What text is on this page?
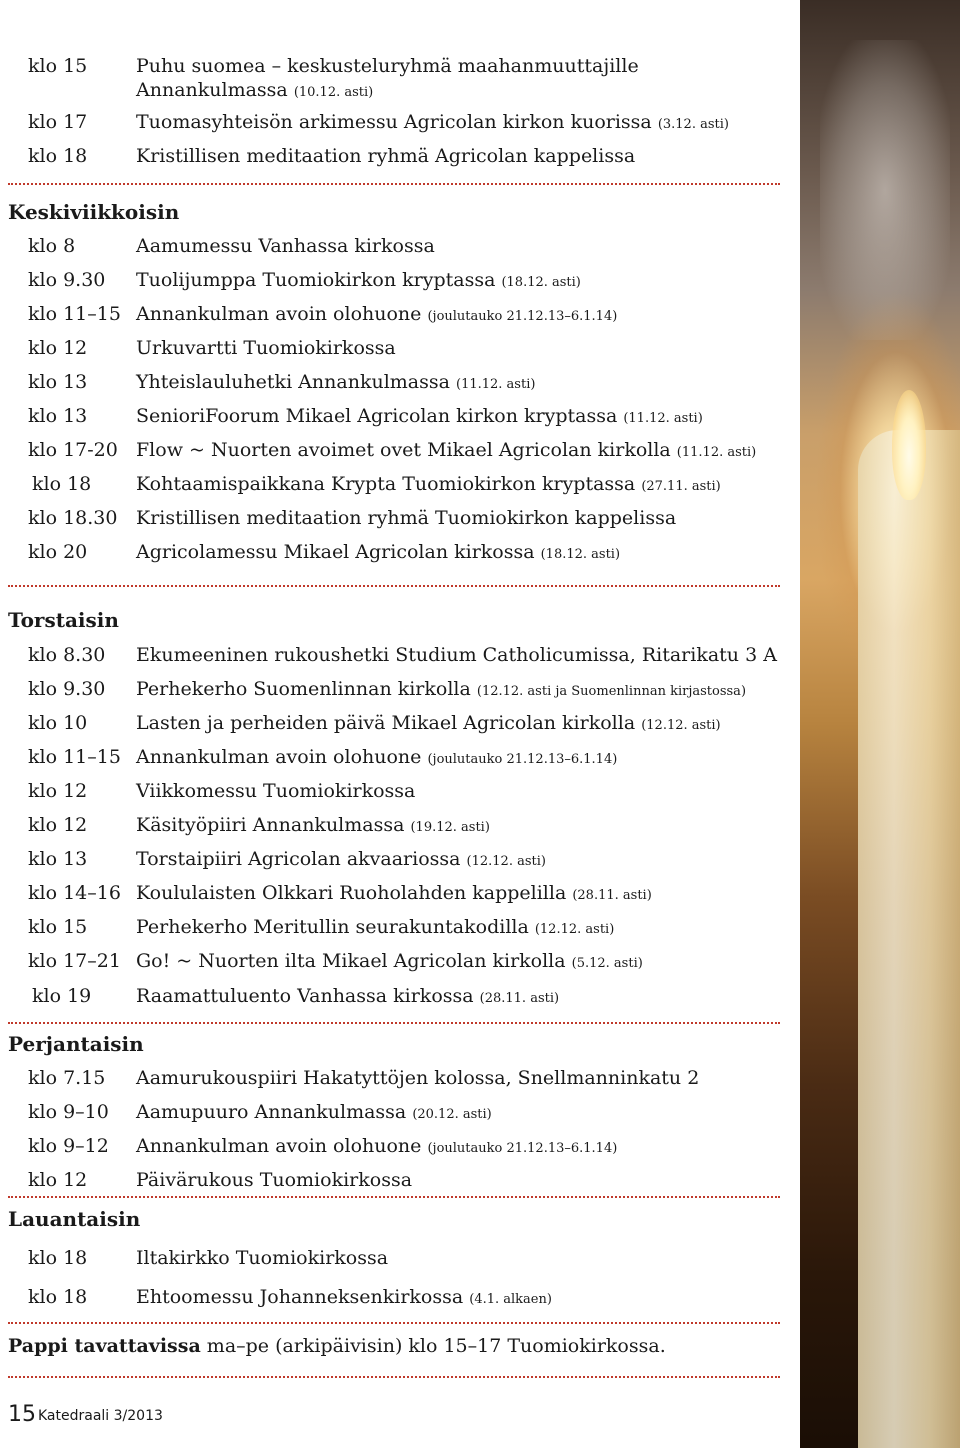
klo 15	Puhu suomea – keskusteluryhmä maahanmuuttajille
Annankulmassa (10.12. asti)
klo 17	Tuomasyhteisön arkimessu Agricolan kirkon kuorissa (3.12. asti)
klo 18	Kristillisen meditaation ryhmä Agricolan kappelissa
Keskiviikkoisin
klo 8	Aamumessu Vanhassa kirkossa
klo 9.30 Tuolijumppa Tuomiokirkon kryptassa (18.12. asti)
klo 11–15 Annankulman avoin olohuone (joulutauko 21.12.13–6.1.14)
klo 12	Urkuvartti Tuomiokirkossa
klo 13	Yhteislauluhetki Annankulmassa (11.12. asti)
klo 13	SenioriFoorum Mikael Agricolan kirkon kryptassa (11.12. asti)
klo 17-20 Flow ~ Nuorten avoimet ovet Mikael Agricolan kirkolla (11.12. asti)
klo 18 Kohtaamispaikkana Krypta Tuomiokirkon kryptassa (27.11. asti)
klo 18.30 Kristillisen meditaation ryhmä Tuomiokirkon kappelissa
klo 20	Agricolamessu Mikael Agricolan kirkossa (18.12. asti)
Torstaisin
klo 8.30 Ekumeeninen rukoushetki Studium Catholicumissa, Ritarikatu 3 A
klo 9.30 Perhekerho Suomenlinnan kirkolla (12.12. asti ja Suomenlinnan kirjastossa)
klo 10	Lasten ja perheiden päivä Mikael Agricolan kirkolla (12.12. asti)
klo 11–15 Annankulman avoin olohuone (joulutauko 21.12.13–6.1.14)
klo 12	Viikkomessu Tuomiokirkossa
klo 12	Käsityöpiiri Annankulmassa (19.12. asti)
klo 13	Torstaipiiri Agricolan akvaariossa (12.12. asti)
klo 14–16 Koululaisten Olkkari Ruoholahden kappelilla (28.11. asti)
klo 15	Perhekerho Meritullin seurakuntakodilla (12.12. asti)
klo 17–21 Go! ~ Nuorten ilta Mikael Agricolan kirkolla (5.12. asti)
klo 19 Raamattuluento Vanhassa kirkossa (28.11. asti)
Perjantaisin
klo 7.15 Aamurukouspiiri Hakatyttöjen kolossa, Snellmanninkatu 2
klo 9–10 Aamupuuro Annankulmassa (20.12. asti)
klo 9–12 Annankulman avoin olohuone (joulutauko 21.12.13–6.1.14)
klo 12	Päivärukous Tuomiokirkossa
Lauantaisin
klo 18	Iltakirkko Tuomiokirkossa
klo 18	Ehtoomessu Johanneksenkirkossa (4.1. alkaen)
Pappi tavattavissa ma–pe (arkipäivisin) klo 15–17 Tuomiokirkossa.
15 Katedraali 3/2013
